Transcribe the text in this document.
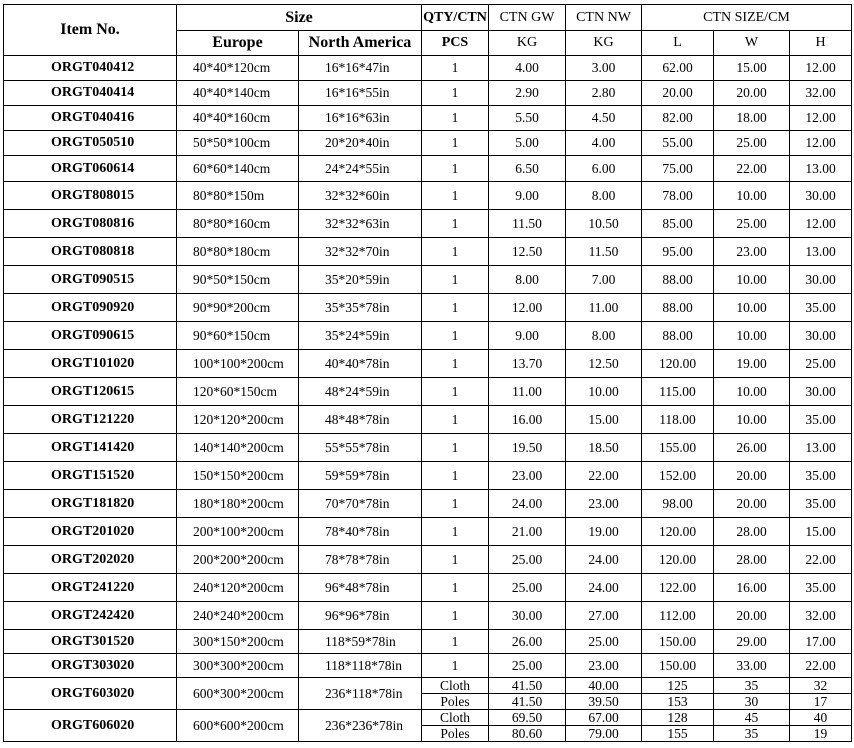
Item No.	Size		QTY/CTN	CTN GW	CTN NW	CTN SIZE/CM		
	Europe	North America	PCS	KG	KG	L	W	H
ORGT040412	40*40*120cm	16*16*47in	1	4.00	3.00	62.00	15.00	12.00
ORGT040414	40*40*140cm	16*16*55in	1	2.90	2.80	20.00	20.00	32.00
ORGT040416	40*40*160cm	16*16*63in	1	5.50	4.50	82.00	18.00	12.00
ORGT050510	50*50*100cm	20*20*40in	1	5.00	4.00	55.00	25.00	12.00
ORGT060614	60*60*140cm	24*24*55in	1	6.50	6.00	75.00	22.00	13.00
ORGT808015	80*80*150m	32*32*60in	1	9.00	8.00	78.00	10.00	30.00
ORGT080816	80*80*160cm	32*32*63in	1	11.50	10.50	85.00	25.00	12.00
ORGT080818	80*80*180cm	32*32*70in	1	12.50	11.50	95.00	23.00	13.00
ORGT090515	90*50*150cm	35*20*59in	1	8.00	7.00	88.00	10.00	30.00
ORGT090920	90*90*200cm	35*35*78in	1	12.00	11.00	88.00	10.00	35.00
ORGT090615	90*60*150cm	35*24*59in	1	9.00	8.00	88.00	10.00	30.00
ORGT101020	100*100*200cm	40*40*78in	1	13.70	12.50	120.00	19.00	25.00
ORGT120615	120*60*150cm	48*24*59in	1	11.00	10.00	115.00	10.00	30.00
ORGT121220	120*120*200cm	48*48*78in	1	16.00	15.00	118.00	10.00	35.00
ORGT141420	140*140*200cm	55*55*78in	1	19.50	18.50	155.00	26.00	13.00
ORGT151520	150*150*200cm	59*59*78in	1	23.00	22.00	152.00	20.00	35.00
ORGT181820	180*180*200cm	70*70*78in	1	24.00	23.00	98.00	20.00	35.00
ORGT201020	200*100*200cm	78*40*78in	1	21.00	19.00	120.00	28.00	15.00
ORGT202020	200*200*200cm	78*78*78in	1	25.00	24.00	120.00	28.00	22.00
ORGT241220	240*120*200cm	96*48*78in	1	25.00	24.00	122.00	16.00	35.00
ORGT242420	240*240*200cm	96*96*78in	1	30.00	27.00	112.00	20.00	32.00
ORGT301520	300*150*200cm	118*59*78in	1	26.00	25.00	150.00	29.00	17.00
ORGT303020	300*300*200cm	118*118*78in	1	25.00	23.00	150.00	33.00	22.00
ORGT603020	600*300*200cm	236*118*78in	Cloth	41.50	40.00	125	35	32
			Poles	41.50	39.50	153	30	17
ORGT606020	600*600*200cm	236*236*78in	Cloth	69.50	67.00	128	45	40
			Poles	80.60	79.00	155	35	19
